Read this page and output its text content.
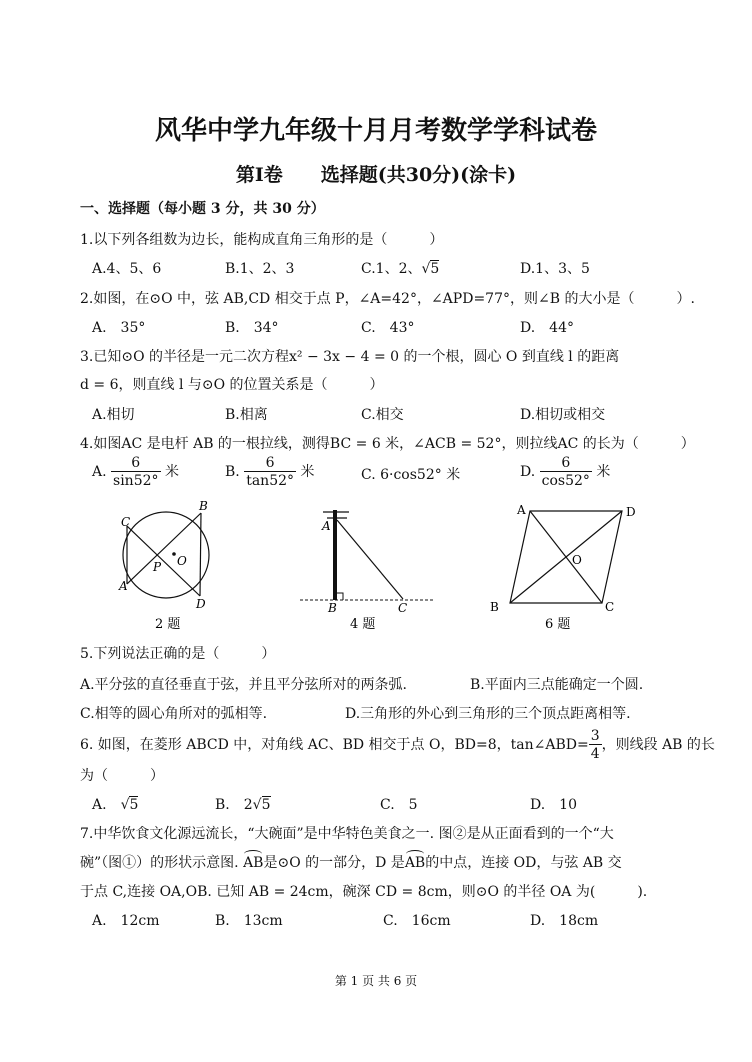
风华中学九年级十月月考数学学科试卷
第Ⅰ卷　　选择题(共30分)(涂卡)
一、选择题（每小题 3 分，共 30 分）
1.以下列各组数为边长，能构成直角三角形的是（　　　）
A.4、5、6	B.1、2、3	C.1、2、√5	D.1、3、5
2.如图，在⊙O 中，弦 AB,CD 相交于点 P，∠A=42°，∠APD=77°，则∠B 的大小是（　　　）.
A.　35°	B.　34°	C.　43°	D.　44°
3.已知⊙O 的半径是一元二次方程x² − 3x − 4 = 0 的一个根，圆心 O 到直线 l 的距离
d = 6，则直线 l 与⊙O 的位置关系是（　　　）
A.相切	B.相离	C.相交	D.相切或相交
4.如图AC 是电杆 AB 的一根拉线，测得BC = 6 米，∠ACB = 52°，则拉线AC 的长为（　　　）
A. $\frac{6}{\sin 52^\circ}$ 米	B. $\frac{6}{\tan 52^\circ}$ 米	C. 6·cos52° 米	D. $\frac{6}{\cos 52^\circ}$ 米
C
B
O
P
A
D
2 题
A
B	C
4 题
A	D
O
B	C
6 题
5.下列说法正确的是（　　　）
A.平分弦的直径垂直于弦，并且平分弦所对的两条弧.	B.平面内三点能确定一个圆.
C.相等的圆心角所对的弧相等.	D.三角形的外心到三角形的三个顶点距离相等.
6. 如图，在菱形 ABCD 中，对角线 AC、BD 相交于点 O，BD=8，tan∠ABD= $\frac{3}{4}$ ，则线段 AB 的长
为（　　　）
A.　√5	B.　2√5	C.　5	D.　10
7.中华饮食文化源远流长，“大碗面”是中华特色美食之一. 图②是从正面看到的一个“大
碗”（图①）的形状示意图. AB是⊙O 的一部分，D 是AB的中点，连接 OD，与弦 AB 交
于点 C,连接 OA,OB. 已知 AB = 24cm，碗深 CD = 8cm，则⊙O 的半径 OA 为(　　　).
A.　12cm	B.　13cm	C.　16cm	D.　18cm
第 1 页 共 6 页
